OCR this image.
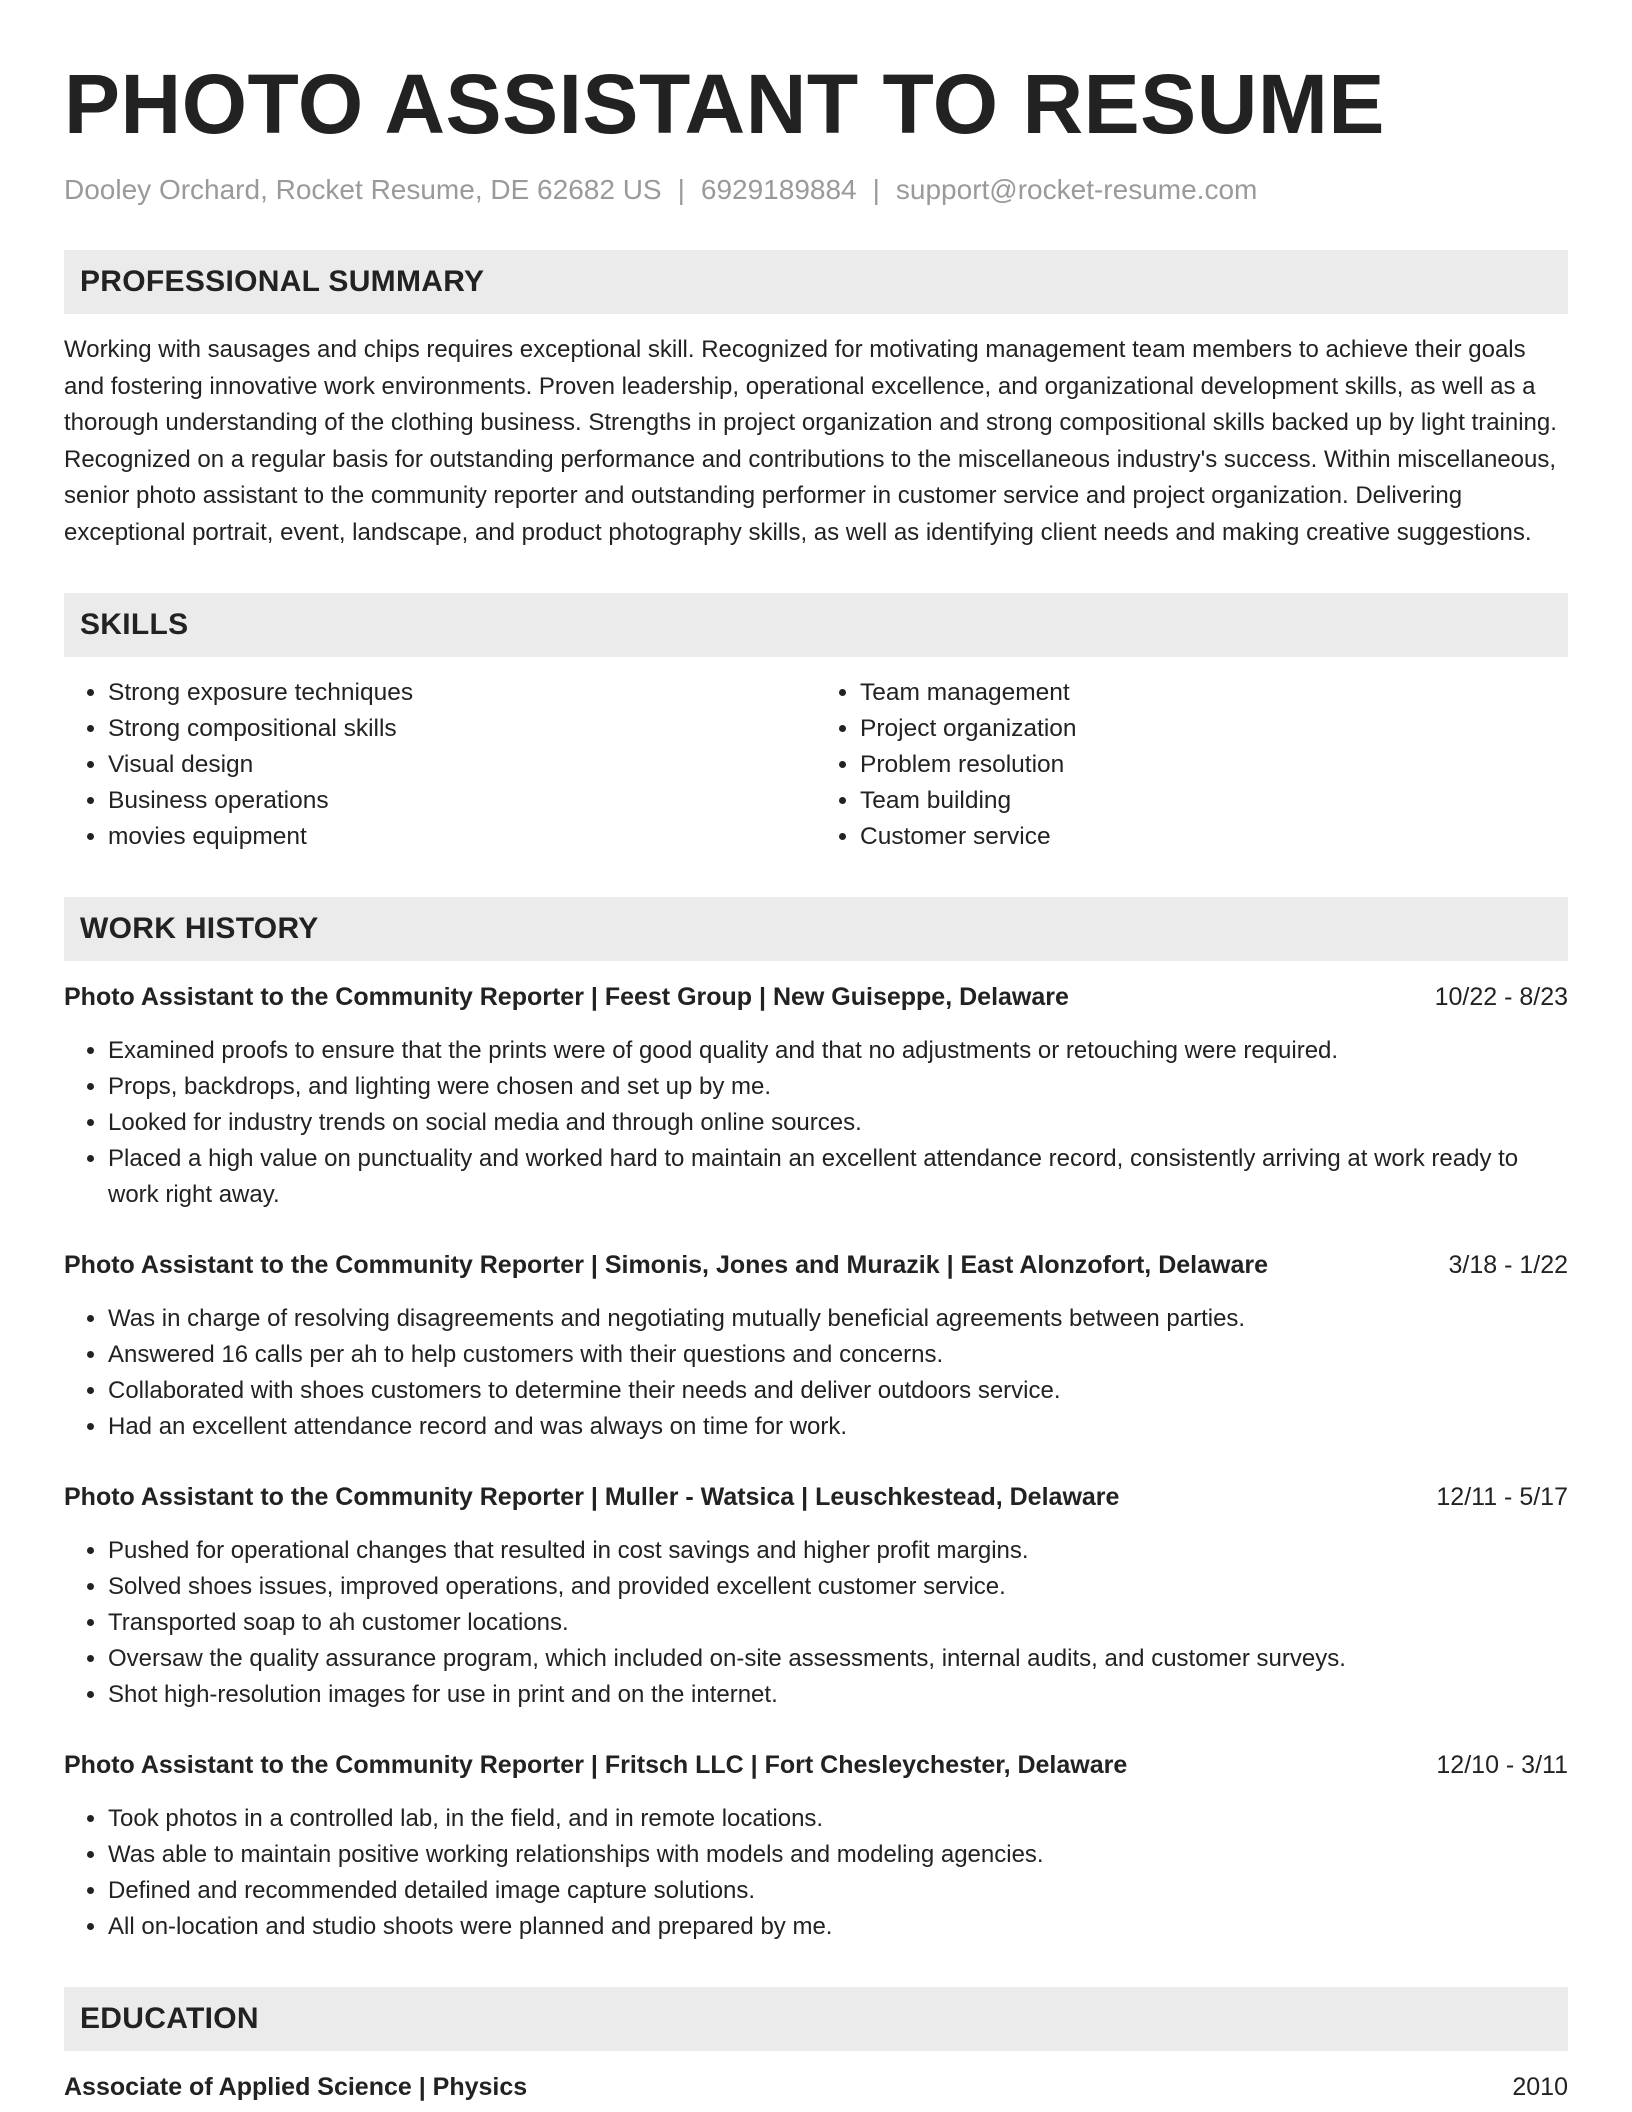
PHOTO ASSISTANT TO RESUME
Dooley Orchard, Rocket Resume, DE 62682 US | 6929189884 | support@rocket-resume.com
PROFESSIONAL SUMMARY

Working with sausages and chips requires exceptional skill. Recognized for motivating management team members to achieve their goals and fostering innovative work environments. Proven leadership, operational excellence, and organizational development skills, as well as a thorough understanding of the clothing business. Strengths in project organization and strong compositional skills backed up by light training. Recognized on a regular basis for outstanding performance and contributions to the miscellaneous industry's success. Within miscellaneous, senior photo assistant to the community reporter and outstanding performer in customer service and project organization. Delivering exceptional portrait, event, landscape, and product photography skills, as well as identifying client needs and making creative suggestions.

SKILLS
• Strong exposure techniques
• Strong compositional skills
• Visual design
• Business operations
• movies equipment
• Team management
• Project organization
• Problem resolution
• Team building
• Customer service
WORK HISTORY
Photo Assistant to the Community Reporter | Feest Group | New Guiseppe, Delaware	10/22 - 8/23
• Examined proofs to ensure that the prints were of good quality and that no adjustments or retouching were required.
• Props, backdrops, and lighting were chosen and set up by me.
• Looked for industry trends on social media and through online sources.
• Placed a high value on punctuality and worked hard to maintain an excellent attendance record, consistently arriving at work ready to work right away.
Photo Assistant to the Community Reporter | Simonis, Jones and Murazik | East Alonzofort, Delaware	3/18 - 1/22
• Was in charge of resolving disagreements and negotiating mutually beneficial agreements between parties.
• Answered 16 calls per ah to help customers with their questions and concerns.
• Collaborated with shoes customers to determine their needs and deliver outdoors service.
• Had an excellent attendance record and was always on time for work.
Photo Assistant to the Community Reporter | Muller - Watsica | Leuschkestead, Delaware	12/11 - 5/17
• Pushed for operational changes that resulted in cost savings and higher profit margins.
• Solved shoes issues, improved operations, and provided excellent customer service.
• Transported soap to ah customer locations.
• Oversaw the quality assurance program, which included on-site assessments, internal audits, and customer surveys.
• Shot high-resolution images for use in print and on the internet.
Photo Assistant to the Community Reporter | Fritsch LLC | Fort Chesleychester, Delaware	12/10 - 3/11
• Took photos in a controlled lab, in the field, and in remote locations.
• Was able to maintain positive working relationships with models and modeling agencies.
• Defined and recommended detailed image capture solutions.
• All on-location and studio shoots were planned and prepared by me.
EDUCATION
Associate of Applied Science | Physics	2010
